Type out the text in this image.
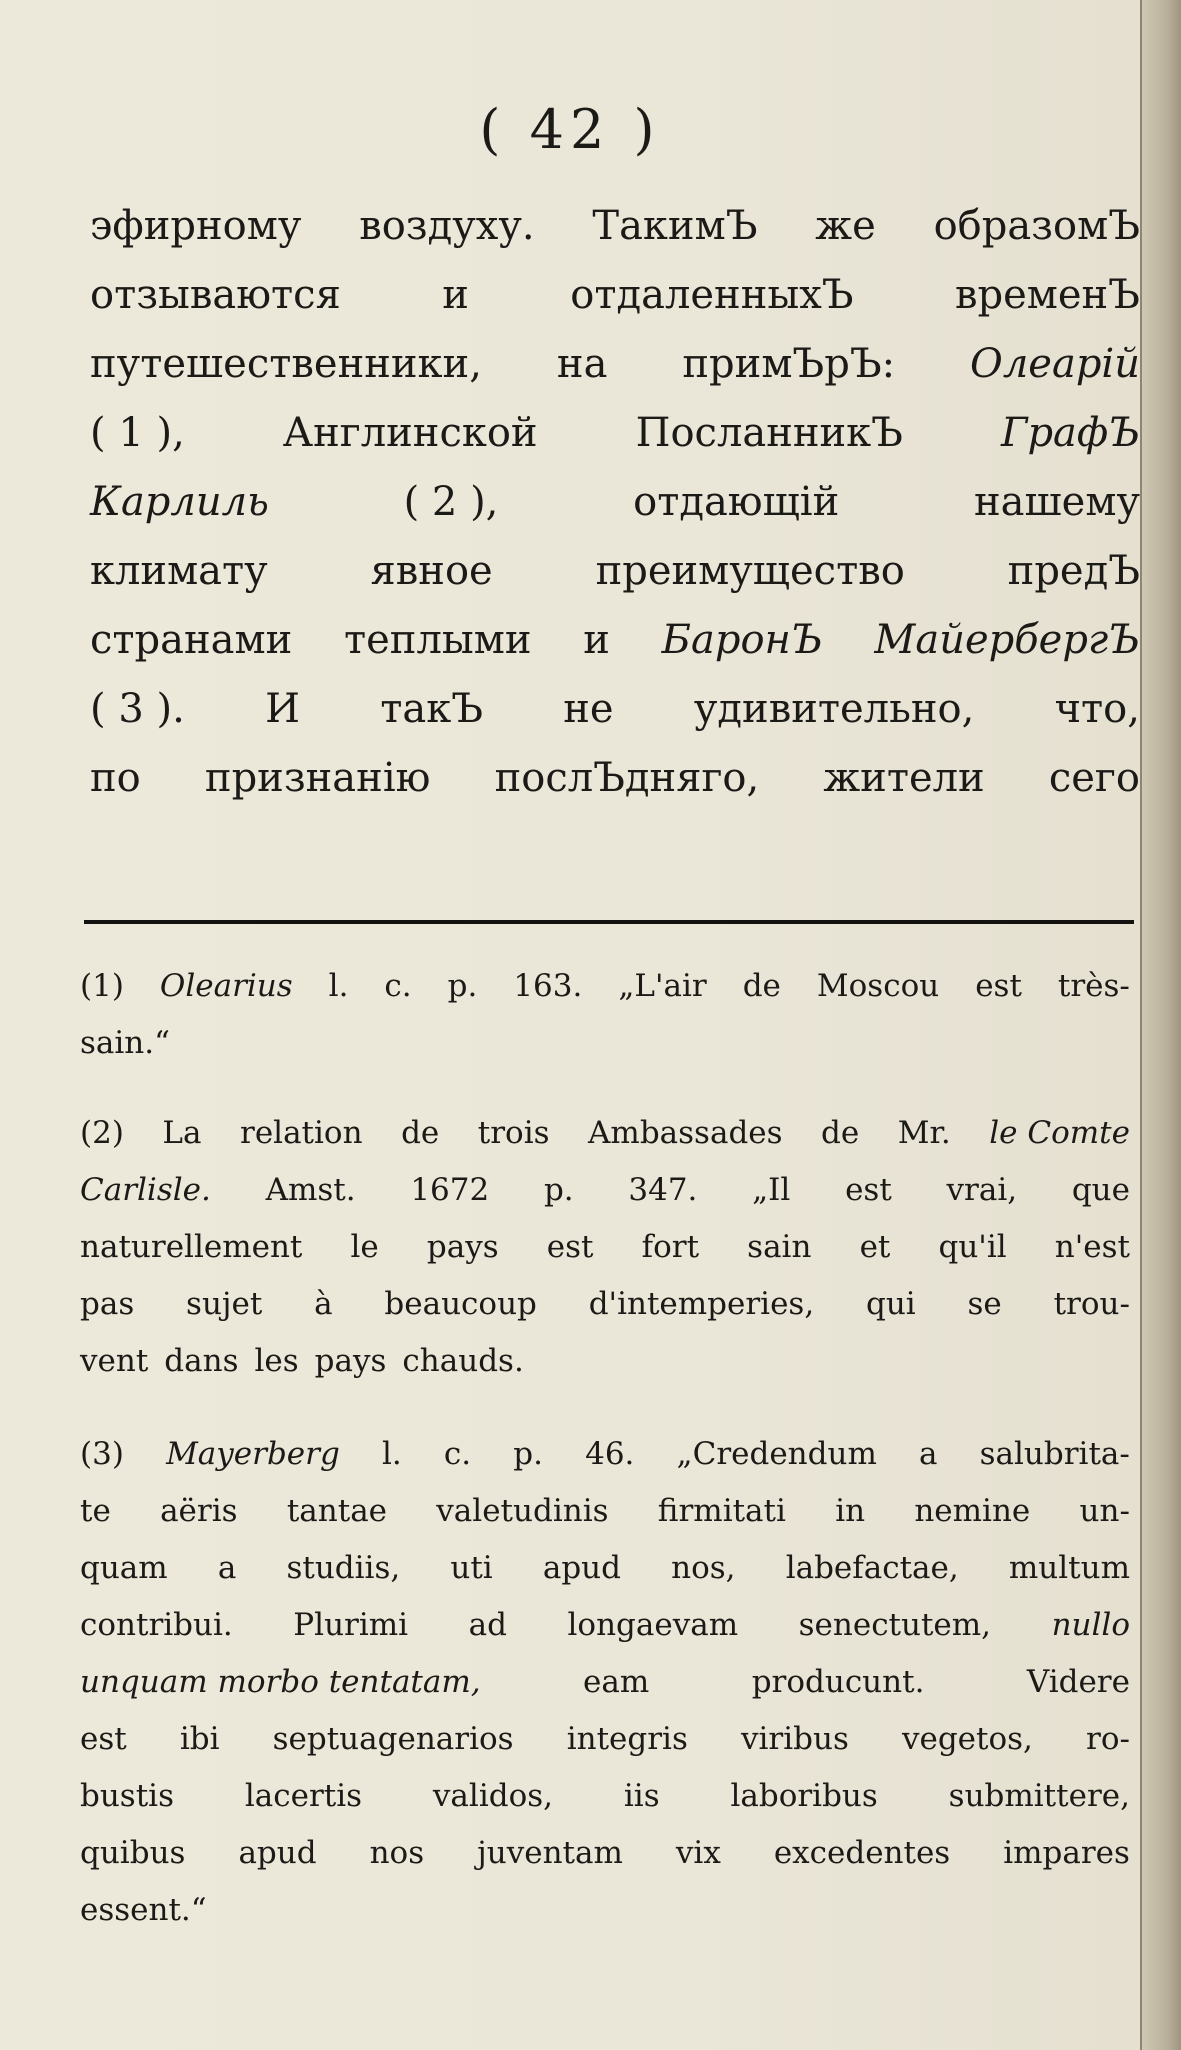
( 42 )
эфирному воздуху. ТакимЪ же образомЪ
отзываются	и	отдаленныхЪ	временЪ
путешественники, на примЪрЪ: Олеарій
( 1 ), Англинской ПосланникЪ ГрафЪ
Карлиль	( 2 ),	отдающій	нашему
климату	явное	преимущество	предЪ
странами теплыми и БаронЪ МайербергЪ
( 3 ). И такЪ не удивительно, что,
по признанію послЪдняго, жители сего
(1) Olearius l. c. p. 163. „L'air de Moscou est très-
sain.“
(2) La relation de trois Ambassades de Mr. le Comte
Carlisle. Amst. 1672 p. 347. „Il est vrai, que
naturellement le pays est fort sain et qu'il n'est
pas sujet à beaucoup d'intemperies, qui se trou-
vent dans les pays chauds.
(3) Mayerberg l. c. p. 46. „Credendum a salubrita-
te aëris tantae valetudinis firmitati in nemine un-
quam a studiis, uti apud nos, labefactae, multum
contribui. Plurimi ad longaevam senectutem, nullo
unquam morbo tentatam,	eam	producunt.	Videre
est ibi septuagenarios integris viribus vegetos, ro-
bustis lacertis validos, iis laboribus submittere,
quibus apud nos juventam vix excedentes impares
essent.“
